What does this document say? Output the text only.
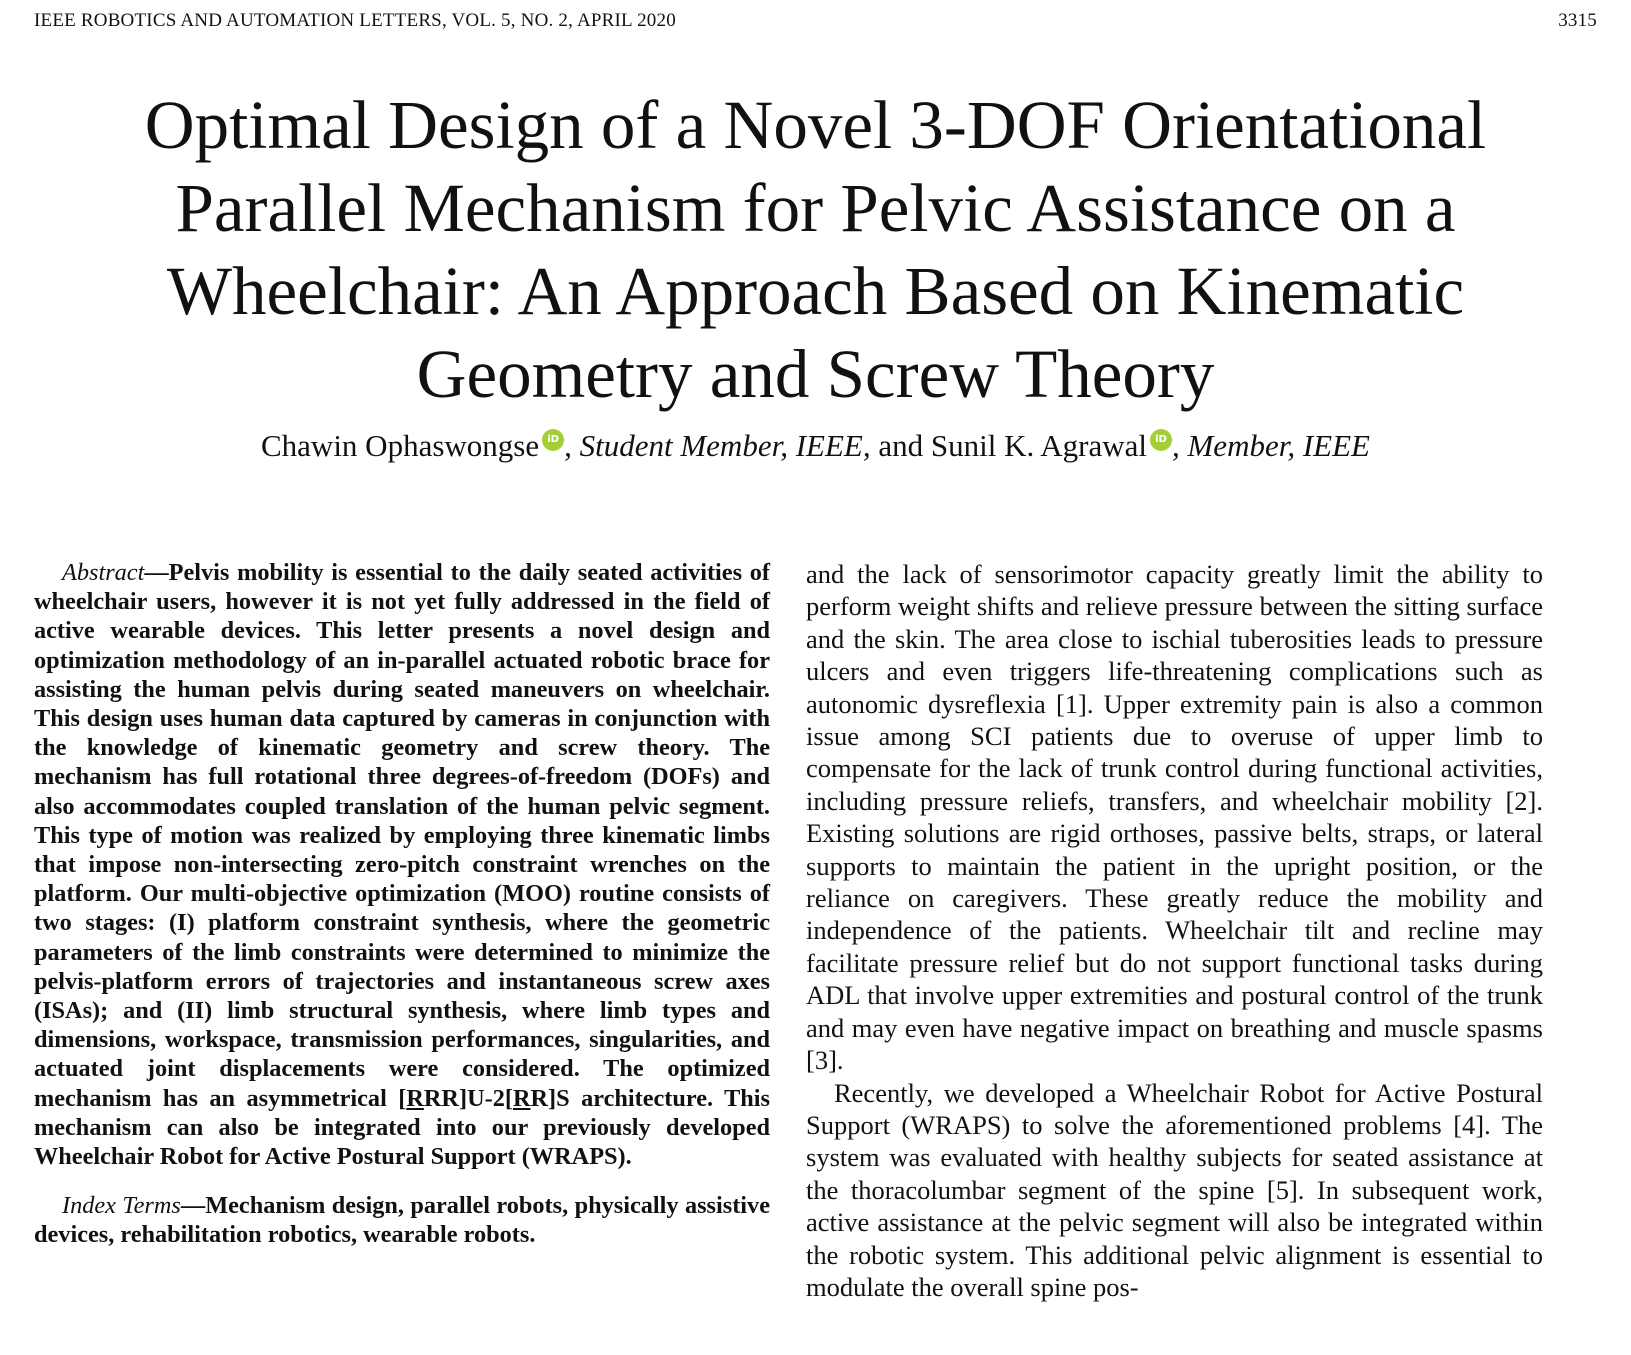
IEEE ROBOTICS AND AUTOMATION LETTERS, VOL. 5, NO. 2, APRIL 2020	3315
Optimal Design of a Novel 3-DOF Orientational
Parallel Mechanism for Pelvic Assistance on a
Wheelchair: An Approach Based on Kinematic
Geometry and Screw Theory
Chawin Ophaswongse iD , Student Member, IEEE, and Sunil K. Agrawal iD , Member, IEEE

Abstract—Pelvis mobility is essential to the daily seated activities of wheelchair users, however it is not yet fully addressed in the field of active wearable devices. This letter presents a novel design and optimization methodology of an in-parallel actuated robotic brace for assisting the human pelvis during seated maneuvers on wheelchair. This design uses human data captured by cameras in conjunction with the knowledge of kinematic geometry and screw theory. The mechanism has full rotational three degrees-of-freedom (DOFs) and also accommodates coupled translation of the human pelvic segment. This type of motion was realized by employing three kinematic limbs that impose non-intersecting zero-pitch constraint wrenches on the platform. Our multi-objective optimization (MOO) routine consists of two stages: (I) platform constraint synthesis, where the geometric parameters of the limb constraints were determined to minimize the pelvis-platform errors of trajectories and instantaneous screw axes (ISAs); and (II) limb structural synthesis, where limb types and dimensions, workspace, transmission performances, singularities, and actuated joint displacements were considered. The optimized mechanism has an asymmetrical [RRR]U-2[RR]S architecture. This mechanism can also be integrated into our previously developed Wheelchair Robot for Active Postural Support (WRAPS).

Index Terms—Mechanism design, parallel robots, physically assistive devices, rehabilitation robotics, wearable robots.

and the lack of sensorimotor capacity greatly limit the ability to perform weight shifts and relieve pressure between the sitting surface and the skin. The area close to ischial tuberosities leads to pressure ulcers and even triggers life-threatening complications such as autonomic dysreflexia [1]. Upper extremity pain is also a common issue among SCI patients due to overuse of upper limb to compensate for the lack of trunk control during functional activities, including pressure reliefs, transfers, and wheelchair mobility [2]. Existing solutions are rigid orthoses, passive belts, straps, or lateral supports to maintain the patient in the upright position, or the reliance on caregivers. These greatly reduce the mobility and independence of the patients. Wheelchair tilt and recline may facilitate pressure relief but do not support functional tasks during ADL that involve upper extremities and postural control of the trunk and may even have negative impact on breathing and muscle spasms [3].

Recently, we developed a Wheelchair Robot for Active Postural Support (WRAPS) to solve the aforementioned problems [4]. The system was evaluated with healthy subjects for seated assistance at the thoracolumbar segment of the spine [5]. In subsequent work, active assistance at the pelvic segment will also be integrated within the robotic system. This additional pelvic alignment is essential to modulate the overall spine pos-
